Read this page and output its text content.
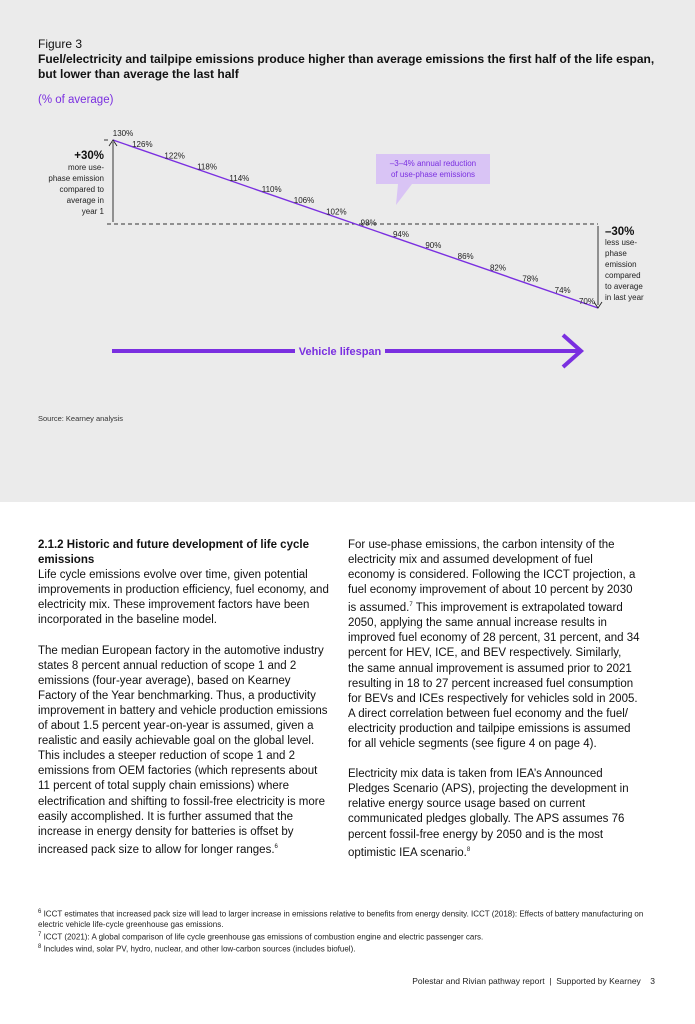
Figure 3
Fuel/electricity and tailpipe emissions produce higher than average emissions the first half of the life espan, but lower than average the last half
(% of average)
130%
126%
122%
118%
114%
110%
106%
102%
98%
94%
90%
86%
82%
78%
74%
70%
+30%
more use-
phase emission
compared to
average in
year 1
–30%
less use-
phase
emission
compared
to average
in last year
–3–4% annual reduction
of use-phase emissions
Vehicle lifespan
Source: Kearney analysis

2.1.2 Historic and future development of life cycle emissions
Life cycle emissions evolve over time, given potential improvements in production efficiency, fuel economy, and electricity mix. These improvement factors have been incorporated in the baseline model.

The median European factory in the automotive industry states 8 percent annual reduction of scope 1 and 2 emissions (four-year average), based on Kearney Factory of the Year benchmarking. Thus, a productivity improvement in battery and vehicle production emissions of about 1.5 percent year-on-year is assumed, given a realistic and easily achievable goal on the global level. This includes a steeper reduction of scope 1 and 2 emissions from OEM factories (which represents about 11 percent of total supply chain emissions) where electrification and shifting to fossil-free electricity is more easily accomplished. It is further assumed that the increase in energy density for batteries is offset by increased pack size to allow for longer ranges.$^6$

For use-phase emissions, the carbon intensity of the electricity mix and assumed development of fuel economy is considered. Following the ICCT projection, a fuel economy improvement of about 10 percent by 2030 is assumed.$^7$ This improvement is extrapolated toward 2050, applying the same annual increase results in improved fuel economy of 28 percent, 31 percent, and 34 percent for HEV, ICE, and BEV respectively. Similarly, the same annual improvement is assumed prior to 2021 resulting in 18 to 27 percent increased fuel consumption for BEVs and ICEs respectively for vehicles sold in 2005. A direct correlation between fuel economy and the fuel/ electricity production and tailpipe emissions is assumed for all vehicle segments (see figure 4 on page 4).

Electricity mix data is taken from IEA’s Announced Pledges Scenario (APS), projecting the development in relative energy source usage based on current communicated pledges globally. The APS assumes 76 percent fossil-free energy by 2050 and is the most optimistic IEA scenario.$^8$

$^6$ ICCT estimates that increased pack size will lead to larger increase in emissions relative to benefits from energy density. ICCT (2018): Effects of battery manufacturing on electric vehicle life-cycle greenhouse gas emissions.
$^7$ ICCT (2021): A global comparison of life cycle greenhouse gas emissions of combustion engine and electric passenger cars.
$^8$ Includes wind, solar PV, hydro, nuclear, and other low-carbon sources (includes biofuel).
Polestar and Rivian pathway report  |  Supported by Kearney 3
